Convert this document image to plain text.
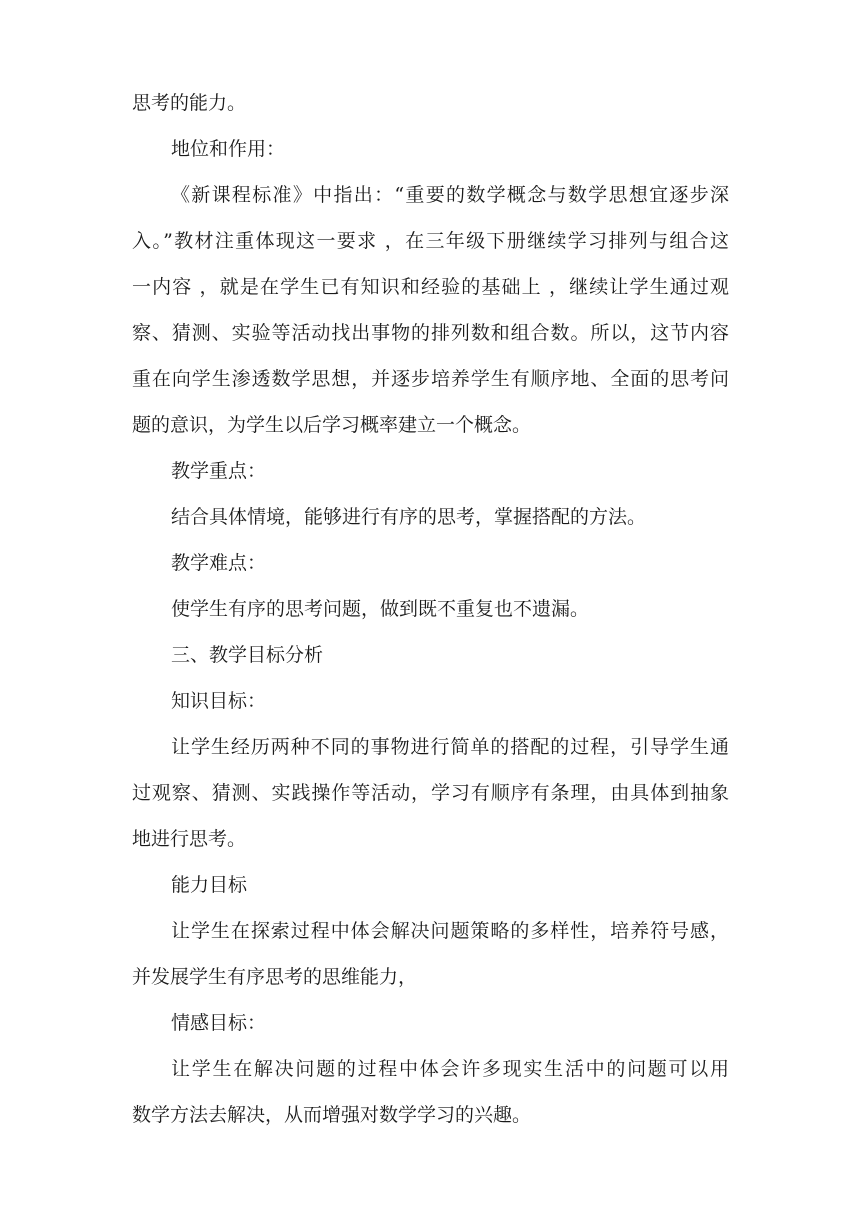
思考的能力。

地位和作用：

《新课程标准》中指出：“重要的数学概念与数学思想宜逐步深

入。”教材注重体现这一要求 ，在三年级下册继续学习排列与组合这

一内容 ，就是在学生已有知识和经验的基础上 ，继续让学生通过观

察、猜测、实验等活动找出事物的排列数和组合数。所以，这节内容

重在向学生渗透数学思想，并逐步培养学生有顺序地、全面的思考问

题的意识，为学生以后学习概率建立一个概念。

教学重点：

结合具体情境，能够进行有序的思考，掌握搭配的方法。

教学难点：

使学生有序的思考问题，做到既不重复也不遗漏。

三、教学目标分析

知识目标：

让学生经历两种不同的事物进行简单的搭配的过程，引导学生通

过观察、猜测、实践操作等活动，学习有顺序有条理，由具体到抽象

地进行思考。

能力目标

让学生在探索过程中体会解决问题策略的多样性，培养符号感，

并发展学生有序思考的思维能力，

情感目标：

让学生在解决问题的过程中体会许多现实生活中的问题可以用

数学方法去解决，从而增强对数学学习的兴趣。
